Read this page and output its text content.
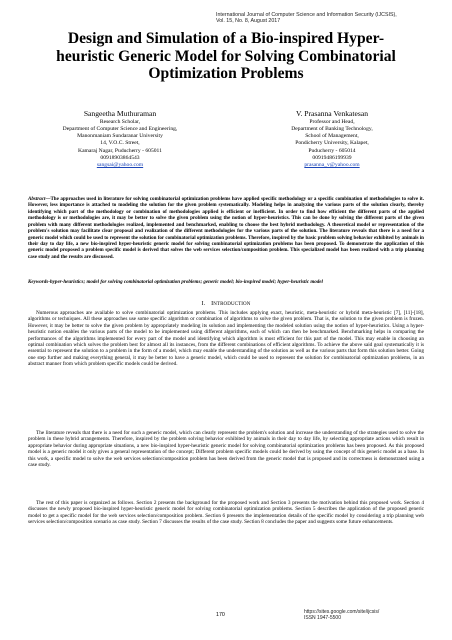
International Journal of Computer Science and Information Security (IJCSIS),
Vol. 15, No. 8, August 2017
Design and Simulation of a Bio-inspired Hyper-
heuristic Generic Model for Solving Combinatorial
Optimization Problems
Sangeetha Muthuraman
Research Scholar,
Department of Computer Science and Engineering,
Manonmaniam Sundaranar University
14, V.O.C. Street,
Kamaraj Nagar, Puducherry - 605011
00918903864543
sangsai@yahoo.com
V. Prasanna Venkatesan
Professor and Head,
Department of Banking Technology,
School of Management,
Pondicherry University, Kalapet,
Puducherry - 605014
00919486199939
prasanna_v@yahoo.com
Abstract—The approaches used in literature for solving combinatorial optimization problems have applied specific methodology or a specific combination of methodologies to solve it. However, less importance is attached to modeling the solution for the given problem systematically. Modeling helps in analyzing the various parts of the solution clearly, thereby identifying which part of the methodology or combination of methodologies applied is efficient or inefficient. In order to find how efficient the different parts of the applied methodology is or methodologies are, it may be better to solve the given problem using the notion of hyper-heuristics. This can be done by solving the different parts of the given problem with many different methodologies realized, implemented and benchmarked, enabling to choose the best hybrid methodology. A theoretical model or representation of the problem's solution may facilitate clear proposal and realization of the different methodologies for the various parts of the solution. The literature reveals that there is a need for a generic model which could be used to represent the solution for combinatorial optimization problems. Therefore, inspired by the basic problem solving behavior exhibited by animals in their day to day life, a new bio-inspired hyper-heuristic generic model for solving combinatorial optimization problems has been proposed. To demonstrate the application of this generic model proposed a problem specific model is derived that solves the web services selection/composition problem. This specialized model has been realized with a trip planning case study and the results are discussed.
Keywords-hyper-heuristics; model for solving combinatorial optimization problems; generic model; bio-inspired model; hyper-heuristic model
I. INTRODUCTION
Numerous approaches are available to solve combinatorial optimization problems. This includes applying exact, heuristic, meta-heuristic or hybrid meta-heuristic [7], [11]-[18], algorithms or techniques. All these approaches use some specific algorithm or combination of algorithms to solve the given problem. That is, the solution to the given problem is frozen. However, it may be better to solve the given problem by appropriately modeling its solution and implementing the modeled solution using the notion of hyper-heuristics. Using a hyper-heuristic notion enables the various parts of the model to be implemented using different algorithms, each of which can then be benchmarked. Benchmarking helps in comparing the performances of the algorithms implemented for every part of the model and identifying which algorithm is most efficient for this part of the model. This may enable in choosing an optimal combination which solves the problem best for almost all its instances, from the different combinations of efficient algorithms. To achieve the above said goal systematically it is essential to represent the solution to a problem in the form of a model, which may enable the understanding of the solution as well as the various parts that form this solution better. Going one step further and making everything general, it may be better to have a generic model, which could be used to represent the solution for combinatorial optimization problems, in an abstract manner from which problem specific models could be derived.
The literature reveals that there is a need for such a generic model, which can clearly represent the problem's solution and increase the understanding of the strategies used to solve the problem in these hybrid arrangements. Therefore, inspired by the problem solving behavior exhibited by animals in their day to day life, by selecting appropriate actions which result in appropriate behavior during appropriate situations, a new bio-inspired hyper-heuristic generic model for solving combinatorial optimization problems has been proposed. As this proposed model is a generic model it only gives a general representation of the concept; Different problem specific models could be derived by using the concept of this generic model as a base. In this work, a specific model to solve the web services selection/composition problem has been derived from the generic model that is proposed and its correctness is demonstrated using a case study.
The rest of this paper is organized as follows. Section 2 presents the background for the proposed work and Section 3 presents the motivation behind this proposed work. Section 4 discusses the newly proposed bio-inspired hyper-heuristic generic model for solving combinatorial optimization problems. Section 5 describes the application of the proposed generic model to get a specific model for the web services selection/composition problem. Section 6 presents the implementation details of the specific model by considering a trip planning web services selection/composition scenario as case study. Section 7 discusses the results of the case study. Section 8 concludes the paper and suggests some future enhancements.
170	https://sites.google.com/site/ijcsis/
ISSN 1947-5500
